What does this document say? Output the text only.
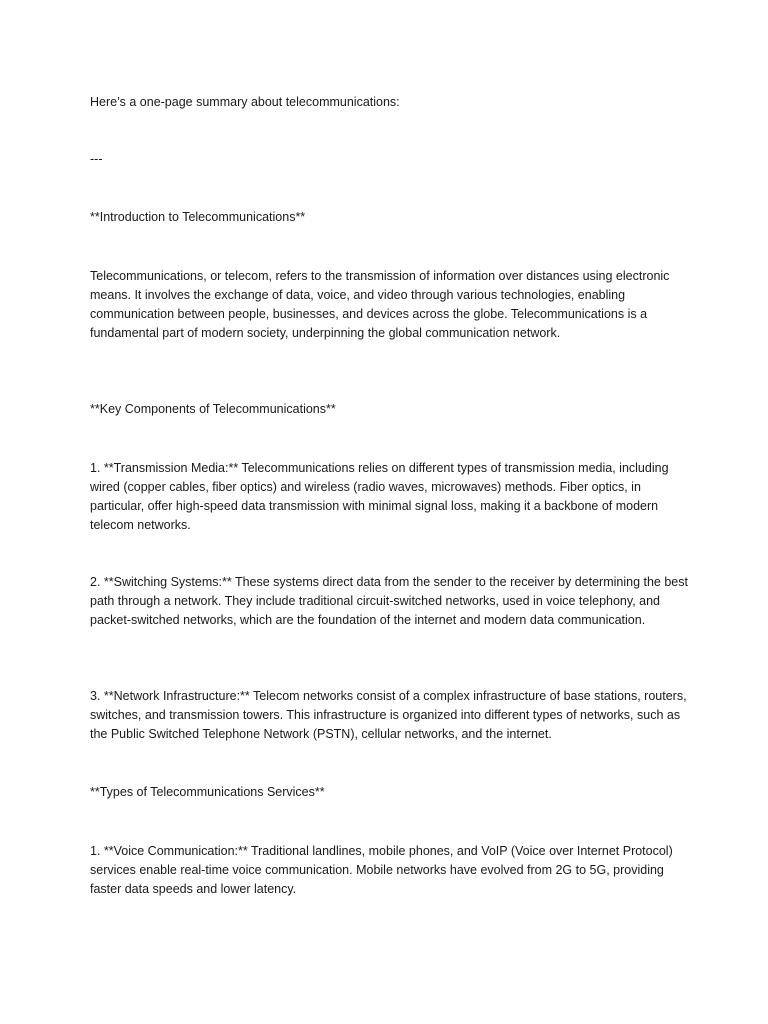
Here’s a one-page summary about telecommunications:

---

**Introduction to Telecommunications**

Telecommunications, or telecom, refers to the transmission of information over distances using electronic means. It involves the exchange of data, voice, and video through various technologies, enabling communication between people, businesses, and devices across the globe. Telecommunications is a fundamental part of modern society, underpinning the global communication network.

**Key Components of Telecommunications**

1. **Transmission Media:** Telecommunications relies on different types of transmission media, including wired (copper cables, fiber optics) and wireless (radio waves, microwaves) methods. Fiber optics, in particular, offer high-speed data transmission with minimal signal loss, making it a backbone of modern telecom networks.

2. **Switching Systems:** These systems direct data from the sender to the receiver by determining the best path through a network. They include traditional circuit-switched networks, used in voice telephony, and packet-switched networks, which are the foundation of the internet and modern data communication.

3. **Network Infrastructure:** Telecom networks consist of a complex infrastructure of base stations, routers, switches, and transmission towers. This infrastructure is organized into different types of networks, such as the Public Switched Telephone Network (PSTN), cellular networks, and the internet.

**Types of Telecommunications Services**

1. **Voice Communication:** Traditional landlines, mobile phones, and VoIP (Voice over Internet Protocol) services enable real-time voice communication. Mobile networks have evolved from 2G to 5G, providing faster data speeds and lower latency.
